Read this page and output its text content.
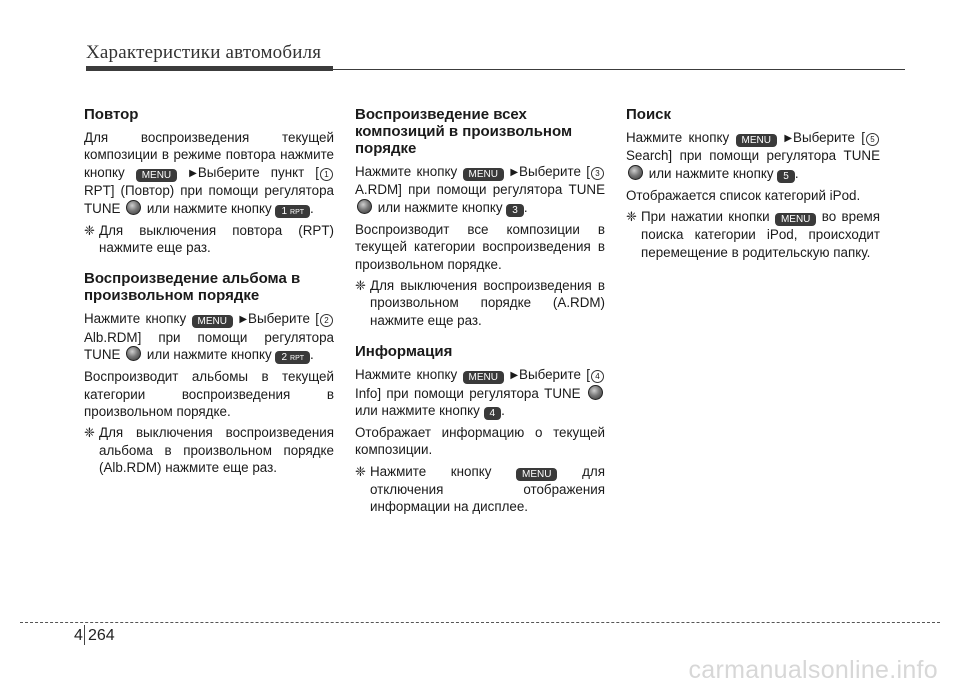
Характеристики автомобиля
Повтор

Для воспроизведения текущей композиции в режиме повтора нажмите кнопку MENU ▶Выберите пункт [ 1RPT] (Повтор) при помощи регулятора TUNE или нажмите кнопку 1 RPT .

❈ Для выключения повтора (RPT) нажмите еще раз.
Воспроизведение альбома в произвольном порядке

Нажмите кнопку MENU ▶Выберите [ 2Alb.RDM] при помощи регулятора TUNE или нажмите кнопку 2 RPT .

Воспроизводит альбомы в текущей категории воспроизведения в произвольном порядке.

❈ Для выключения воспроизведения альбома в произвольном порядке (Alb.RDM) нажмите еще раз.
Воспроизведение всех композиций в произвольном порядке

Нажмите кнопку MENU ▶Выберите [ 3A.RDM] при помощи регулятора TUNE  или нажмите кнопку 3 .

Воспроизводит все композиции в текущей категории воспроизведения в произвольном порядке.

❈ Для выключения воспроизведения в произвольном порядке (A.RDM) нажмите еще раз.
Информация

Нажмите кнопку MENU ▶Выберите [ 4Info] при помощи регулятора TUNE  или нажмите кнопку 4 .

Отображает информацию о текущей композиции.

❈ Нажмите кнопку	MENU для отключения отображения информации на дисплее.
Поиск

Нажмите кнопку MENU ▶Выберите [ 5Search] при помощи регулятора TUNE  или нажмите кнопку 5 .

Отображается список категорий iPod.

❈ При нажатии кнопки MENU во время поиска категории iPod, происходит перемещение в родительскую папку.
4 264
carmanualsonline.info
